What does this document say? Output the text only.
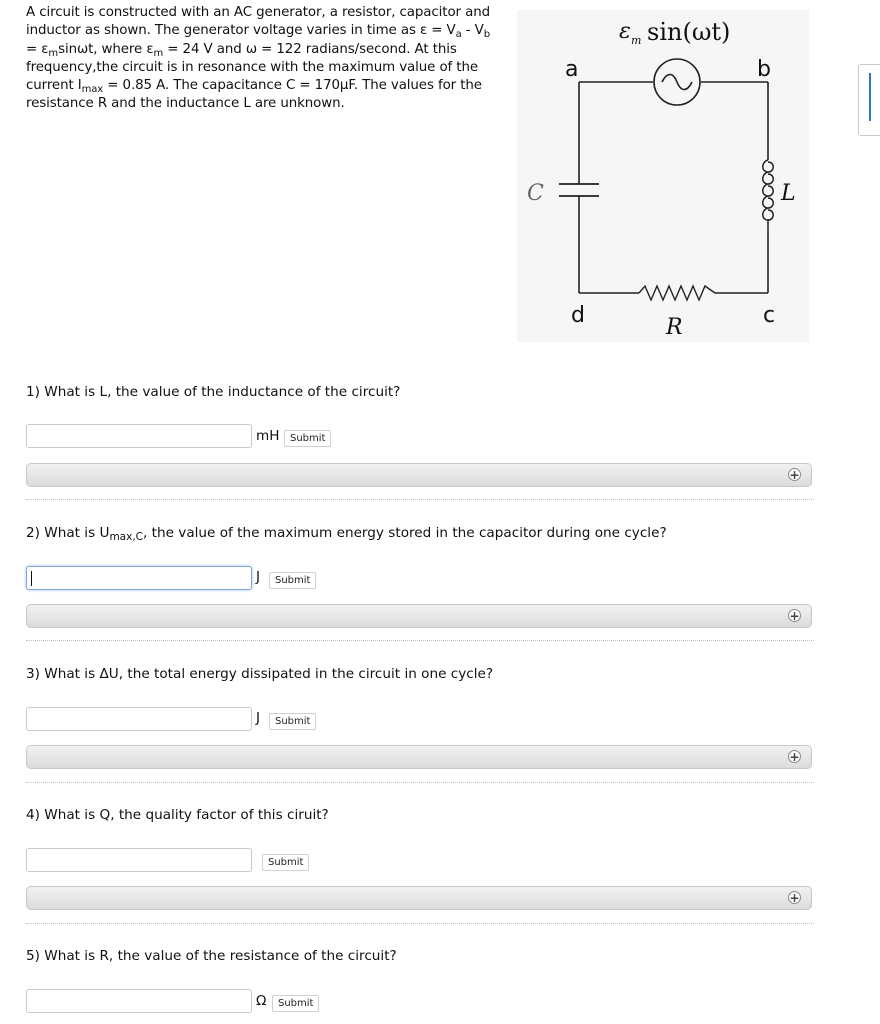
A circuit is constructed with an AC generator, a resistor, capacitor and inductor as shown. The generator voltage varies in time as $\varepsilon = V_a - V_b = \varepsilon_m\sin\omega t$, where $\varepsilon_m = 24$ V and ω = 122 radians/second. At this frequency,the circuit is in resonance with the maximum value of the current $I_{max} = 0.85$ A. The capacitance C = 170μF. The values for the resistance R and the inductance L are unknown.
ε m sin(ωt)
a	b
C	L
d	R	c
1) What is L, the value of the inductance of the circuit?
mH	Submit
+
2) What is $U_{max,C}$, the value of the maximum energy stored in the capacitor during one cycle?
J	Submit
+
3) What is ΔU, the total energy dissipated in the circuit in one cycle?
J	Submit
+
4) What is Q, the quality factor of this ciruit?
Submit
+
5) What is R, the value of the resistance of the circuit?
Ω	Submit
